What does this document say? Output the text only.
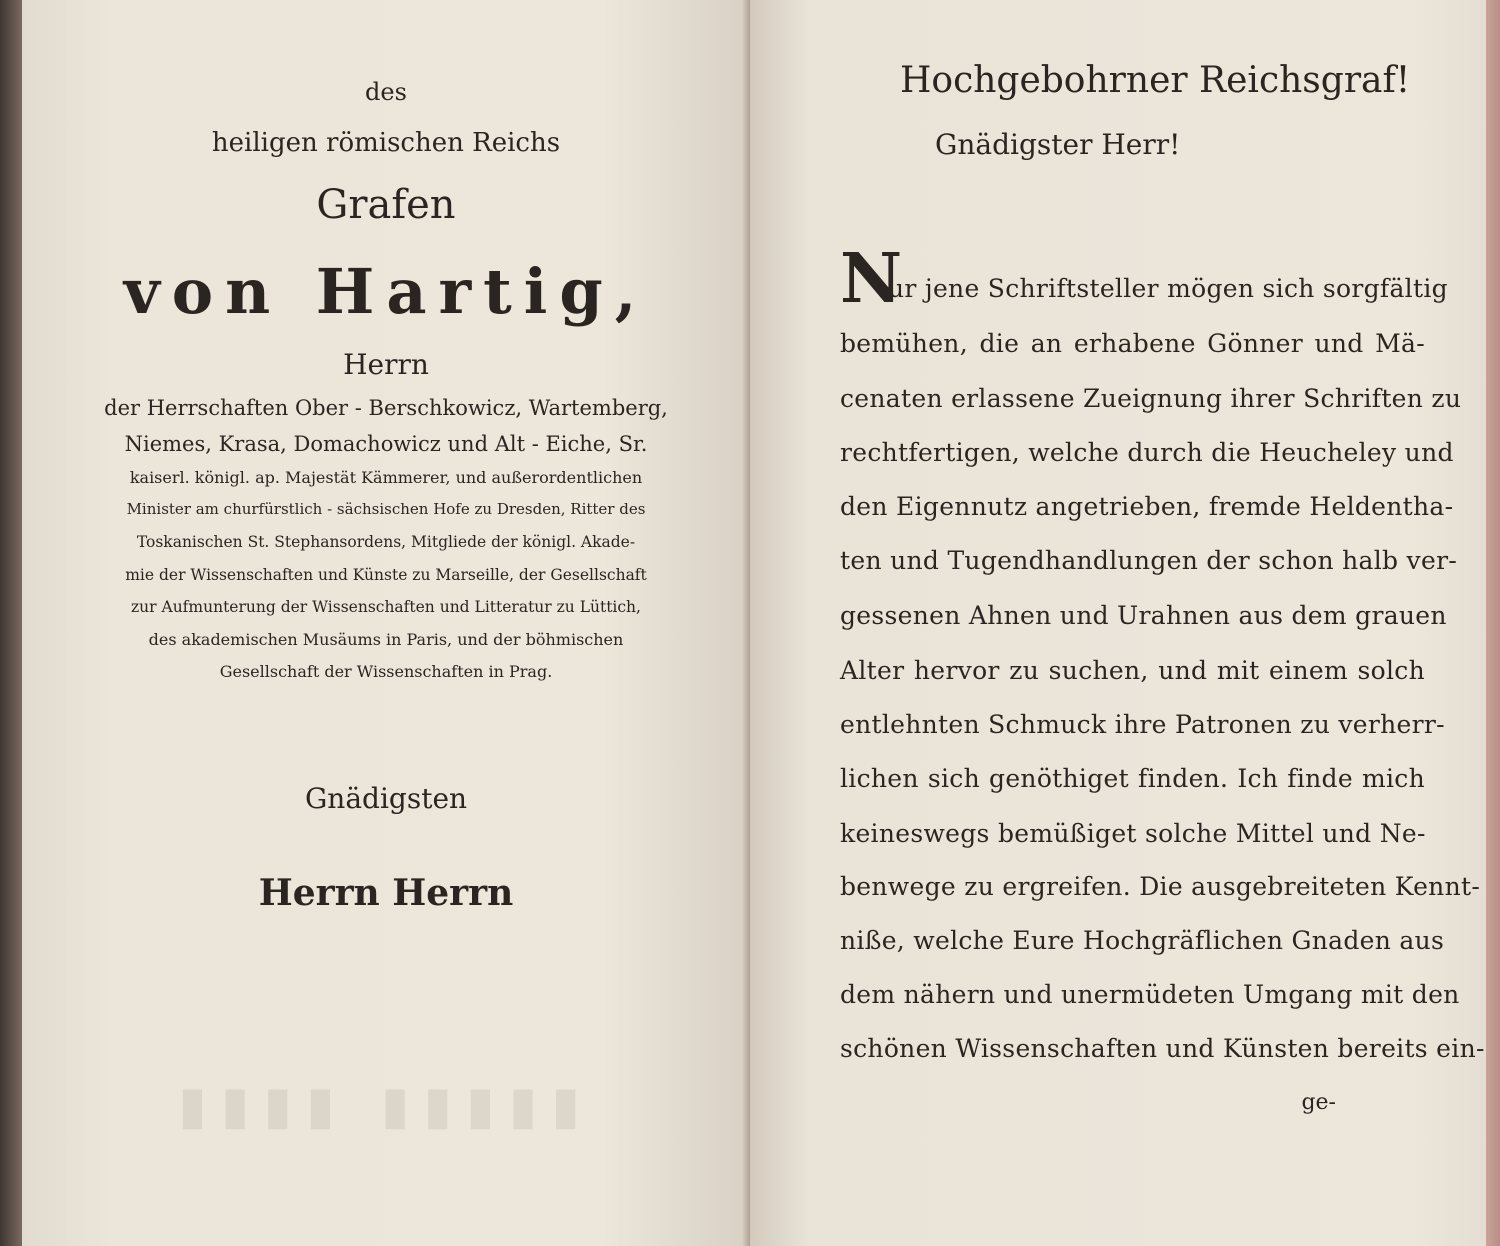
▮▮▮▮ ▮▮▮▮▮
des
heiligen römischen Reichs
Grafen
von Hartig,
Herrn
der Herrschaften Ober - Berschkowicz, Wartemberg,
Niemes, Krasa, Domachowicz und Alt - Eiche, Sr.
kaiserl. königl. ap. Majestät Kämmerer, und außerordentlichen
Minister am churfürstlich - sächsischen Hofe zu Dresden, Ritter des
Toskanischen St. Stephansordens, Mitgliede der königl. Akade-
mie der Wissenschaften und Künste zu Marseille, der Gesellschaft
zur Aufmunterung der Wissenschaften und Litteratur zu Lüttich,
des akademischen Musäums in Paris, und der böhmischen
Gesellschaft der Wissenschaften in Prag.
Gnädigsten
Herrn Herrn
Hochgebohrner Reichsgraf!
Gnädigster Herr!
N
ur jene Schriftsteller mögen sich sorgfältig
bemühen, die an erhabene Gönner und Mä-
cenaten erlassene Zueignung ihrer Schriften zu
rechtfertigen, welche durch die Heucheley und
den Eigennutz angetrieben, fremde Heldentha-
ten und Tugendhandlungen der schon halb ver-
gessenen Ahnen und Urahnen aus dem grauen
Alter hervor zu suchen, und mit einem solch
entlehnten Schmuck ihre Patronen zu verherr-
lichen sich genöthiget finden. Ich finde mich
keineswegs bemüßiget solche Mittel und Ne-
benwege zu ergreifen. Die ausgebreiteten Kennt-
niße, welche Eure Hochgräflichen Gnaden aus
dem nähern und unermüdeten Umgang mit den
schönen Wissenschaften und Künsten bereits ein-
ge-
